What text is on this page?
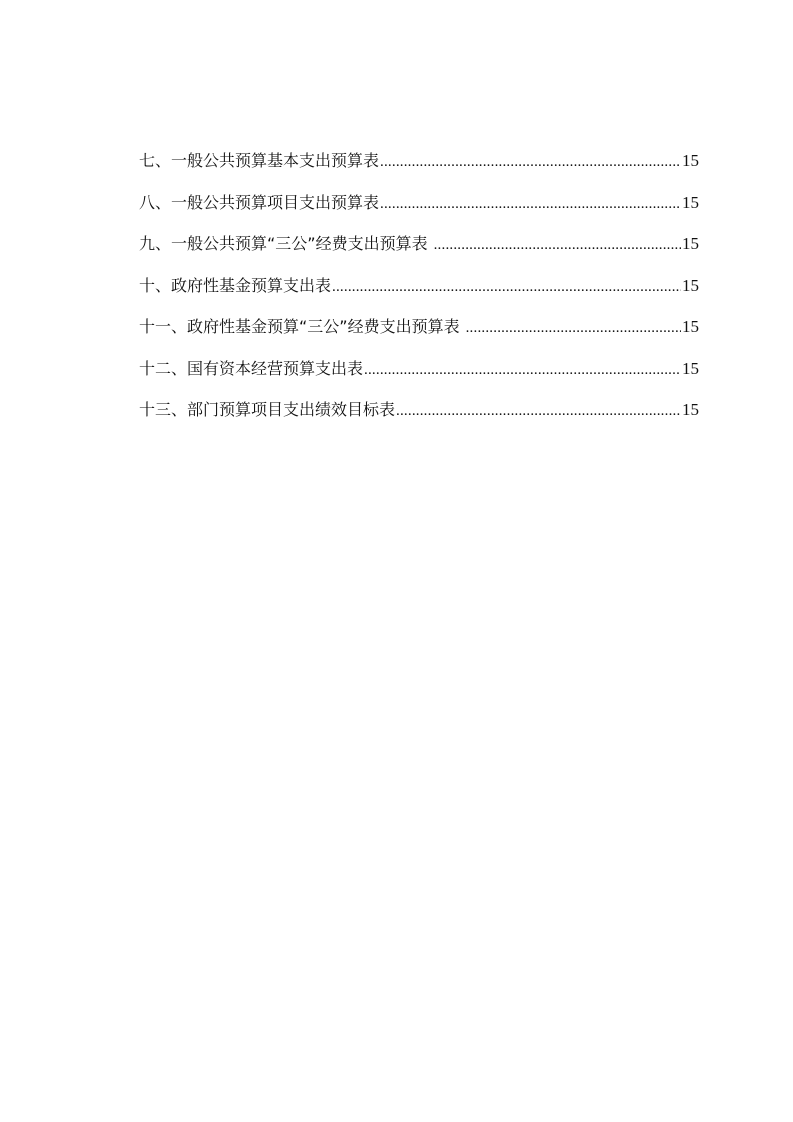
七、一般公共预算基本支出预算表 .....	15
八、一般公共预算项目支出预算表 .....	15
九、一般公共预算“三公”经费支出预算表 .....	15
十、政府性基金预算支出表 .....	15
十一、政府性基金预算“三公”经费支出预算表 .....	15
十二、国有资本经营预算支出表 .....	15
十三、部门预算项目支出绩效目标表 .....	15
